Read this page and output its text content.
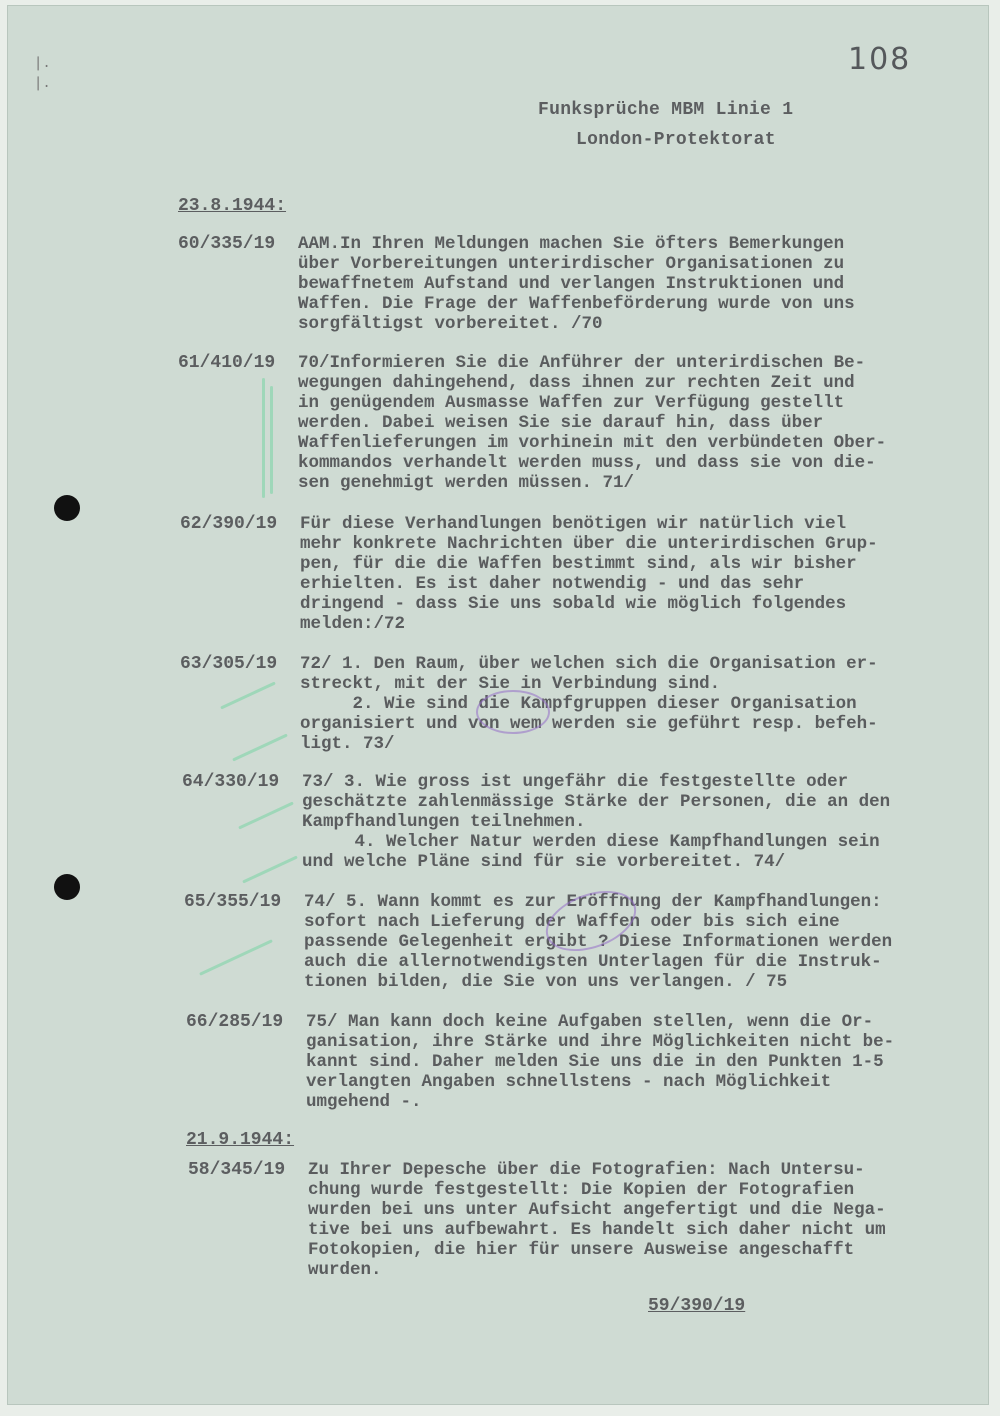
∣.
∣.
108
Funksprüche MBM Linie 1
London-Protektorat
23.8.1944:
60/335/19 AAM.In Ihren Meldungen machen Sie öfters Bemerkungen
über Vorbereitungen unterirdischer Organisationen zu
bewaffnetem Aufstand und verlangen Instruktionen und
Waffen. Die Frage der Waffenbeförderung wurde von uns
sorgfältigst vorbereitet. /70
61/410/19 70/Informieren Sie die Anführer der unterirdischen Be-
wegungen dahingehend, dass ihnen zur rechten Zeit und
in genügendem Ausmasse Waffen zur Verfügung gestellt
werden. Dabei weisen Sie sie darauf hin, dass über
Waffenlieferungen im vorhinein mit den verbündeten Ober-
kommandos verhandelt werden muss, und dass sie von die-
sen genehmigt werden müssen. 71/
62/390/19 Für diese Verhandlungen benötigen wir natürlich viel
mehr konkrete Nachrichten über die unterirdischen Grup-
pen, für die die Waffen bestimmt sind, als wir bisher
erhielten. Es ist daher notwendig - und das sehr
dringend - dass Sie uns sobald wie möglich folgendes
melden:/72
63/305/19 72/ 1. Den Raum, über welchen sich die Organisation er-
streckt, mit der Sie in Verbindung sind.
2. Wie sind die Kampfgruppen dieser Organisation
organisiert und von wem werden sie geführt resp. befeh-
ligt. 73/
64/330/19 73/ 3. Wie gross ist ungefähr die festgestellte oder
geschätzte zahlenmässige Stärke der Personen, die an den
Kampfhandlungen teilnehmen.
4. Welcher Natur werden diese Kampfhandlungen sein
und welche Pläne sind für sie vorbereitet. 74/
65/355/19 74/ 5. Wann kommt es zur Eröffnung der Kampfhandlungen:
sofort nach Lieferung der Waffen oder bis sich eine
passende Gelegenheit ergibt ? Diese Informationen werden
auch die allernotwendigsten Unterlagen für die Instruk-
tionen bilden, die Sie von uns verlangen. / 75
66/285/19 75/ Man kann doch keine Aufgaben stellen, wenn die Or-
ganisation, ihre Stärke und ihre Möglichkeiten nicht be-
kannt sind. Daher melden Sie uns die in den Punkten 1-5
verlangten Angaben schnellstens - nach Möglichkeit
umgehend -.
21.9.1944:
58/345/19 Zu Ihrer Depesche über die Fotografien: Nach Untersu-
chung wurde festgestellt: Die Kopien der Fotografien
wurden bei uns unter Aufsicht angefertigt und die Nega-
tive bei uns aufbewahrt. Es handelt sich daher nicht um
Fotokopien, die hier für unsere Ausweise angeschafft
wurden.
59/390/19
